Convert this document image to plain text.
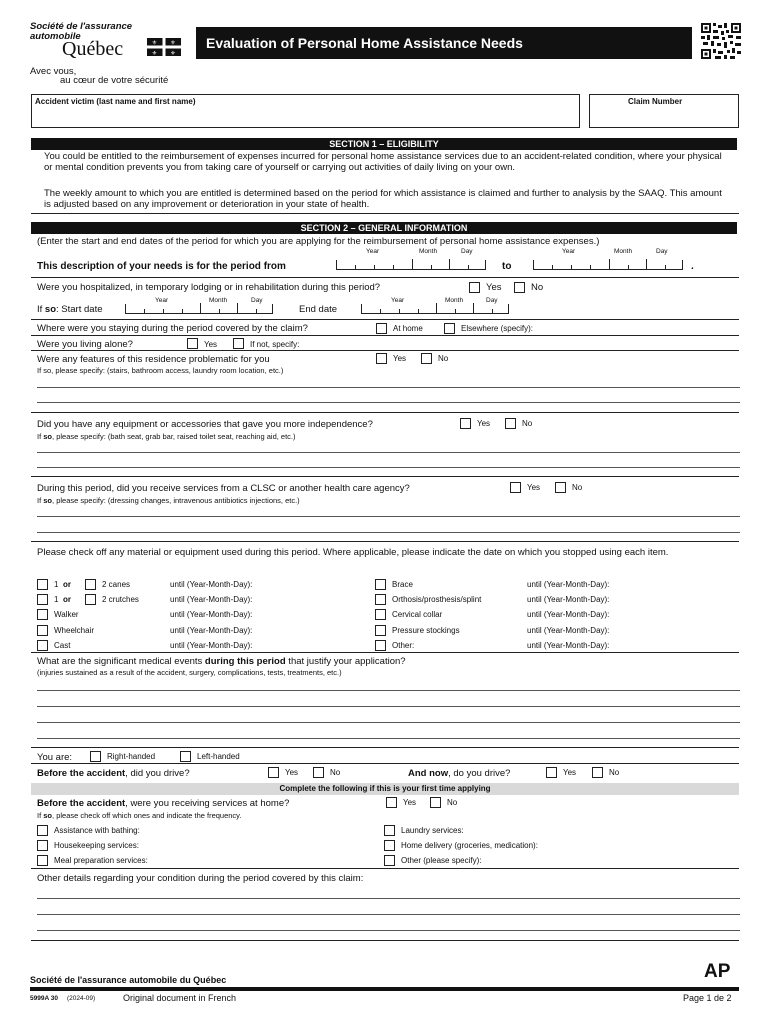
Société de l'assurance
automobile
Québec	⚜ ⚜
⚜ ⚜
Avec vous,
au cœur de votre sécurité
Evaluation of Personal Home Assistance Needs
Accident victim (last name and first name)	Claim Number
SECTION 1 – ELIGIBILITY
You could be entitled to the reimbursement of expenses incurred for personal home assistance services due to an accident-related condition, where your physical or mental condition prevents you from taking care of yourself or carrying out activities of daily living on your own.
The weekly amount to which you are entitled is determined based on the period for which assistance is claimed and further to analysis by the SAAQ. This amount is adjusted based on any improvement or deterioration in your state of health.
SECTION 2 – GENERAL INFORMATION
(Enter the start and end dates of the period for which you are applying for the reimbursement of personal home assistance expenses.)
Year	Month	Day	Year	Month	Day
This description of your needs is for the period from	to	.
Were you hospitalized, in temporary lodging or in rehabilitation during this period?	Yes	No
Year	Month	Day	Year	Month	Day
If so: Start date	End date
Where were you staying during the period covered by the claim?	At home	Elsewhere (specify):
Were you living alone?	Yes	If not, specify:
Were any features of this residence problematic for you	Yes	No
If so, please specify: (stairs, bathroom access, laundry room location, etc.)
Did you have any equipment or accessories that gave you more independence?	Yes	No
If so, please specify: (bath seat, grab bar, raised toilet seat, reaching aid, etc.)
During this period, did you receive services from a CLSC or another health care agency?	Yes	No
If so, please specify: (dressing changes, intravenous antibiotics injections, etc.)
Please check off any material or equipment used during this period. Where applicable, please indicate the date on which you stopped using each item.
1 or	2 canes	until (Year-Month-Day):	Brace	until (Year-Month-Day):
1 or	2 crutches	until (Year-Month-Day):	Orthosis/prosthesis/splint	until (Year-Month-Day):
Walker	until (Year-Month-Day):	Cervical collar	until (Year-Month-Day):
Wheelchair	until (Year-Month-Day):	Pressure stockings	until (Year-Month-Day):
Cast	until (Year-Month-Day):	Other:	until (Year-Month-Day):
What are the significant medical events during this period that justify your application?
(injuries sustained as a result of the accident, surgery, complications, tests, treatments, etc.)
You are:	Right-handed	Left-handed
Before the accident, did you drive?	Yes	No	And now, do you drive?	Yes	No
Complete the following if this is your first time applying
Before the accident, were you receiving services at home?	Yes	No
If so, please check off which ones and indicate the frequency.
Assistance with bathing:	Laundry services:
Housekeeping services:	Home delivery (groceries, medication):
Meal preparation services:	Other (please specify):
Other details regarding your condition during the period covered by this claim:
Société de l'assurance automobile du Québec	AP
5999A 30 (2024-09)	Original document in French	Page 1 de 2
